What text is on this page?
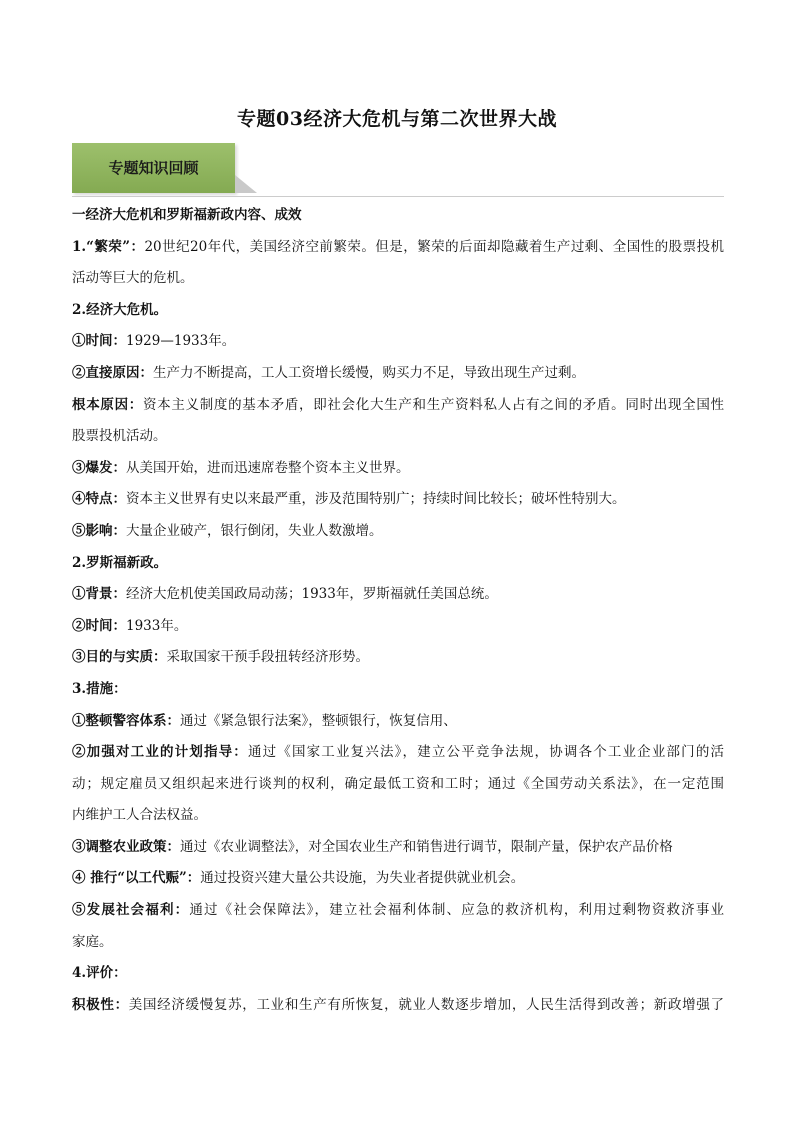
专题03经济大危机与第二次世界大战
专题知识回顾
一经济大危机和罗斯福新政内容、成效
1.“繁荣”：20世纪20年代，美国经济空前繁荣。但是，繁荣的后面却隐藏着生产过剩、全国性的股票投机
活动等巨大的危机。
2.经济大危机。
①时间：1929—1933年。
②直接原因：生产力不断提高，工人工资增长缓慢，购买力不足，导致出现生产过剩。
根本原因：资本主义制度的基本矛盾，即社会化大生产和生产资料私人占有之间的矛盾。同时出现全国性
股票投机活动。
③爆发：从美国开始，进而迅速席卷整个资本主义世界。
④特点：资本主义世界有史以来最严重，涉及范围特别广；持续时间比较长；破坏性特别大。
⑤影响：大量企业破产，银行倒闭，失业人数激增。
2.罗斯福新政。
①背景：经济大危机使美国政局动荡；1933年，罗斯福就任美国总统。
②时间：1933年。
③目的与实质：采取国家干预手段扭转经济形势。
3.措施：
①整顿警容体系：通过《紧急银行法案》，整顿银行，恢复信用、
②加强对工业的计划指导：通过《国家工业复兴法》，建立公平竞争法规，协调各个工业企业部门的活
动；规定雇员又组织起来进行谈判的权利，确定最低工资和工时；通过《全国劳动关系法》，在一定范围
内维护工人合法权益。
③调整农业政策：通过《农业调整法》，对全国农业生产和销售进行调节，限制产量，保护农产品价格
④ 推行“以工代赈”：通过投资兴建大量公共设施，为失业者提供就业机会。
⑤发展社会福利：通过《社会保障法》，建立社会福利体制、应急的救济机构，利用过剩物资救济事业
家庭。
4.评价：
积极性：美国经济缓慢复苏，工业和生产有所恢复，就业人数逐步增加，人民生活得到改善；新政增强了
